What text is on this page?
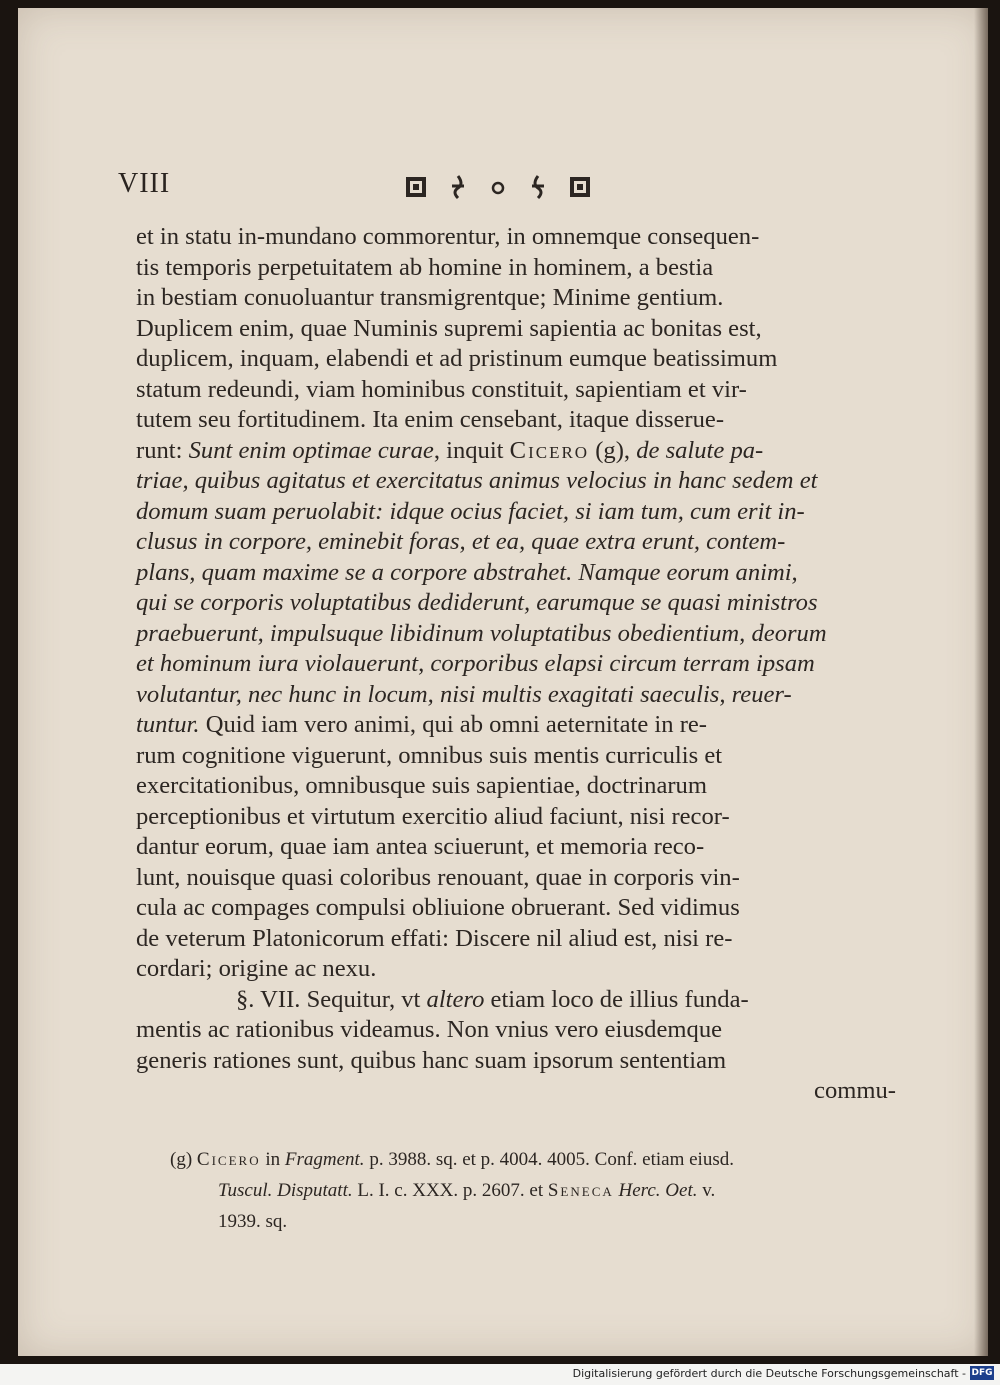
VIII
et in statu in-mundano commorentur, in omnemque consequen-
tis temporis perpetuitatem ab homine in hominem, a bestia
in bestiam conuoluantur transmigrentque; Minime gentium.
Duplicem enim, quae Numinis supremi sapientia ac bonitas est,
duplicem, inquam, elabendi et ad pristinum eumque beatissimum
statum redeundi, viam hominibus constituit, sapientiam et vir-
tutem seu fortitudinem. Ita enim censebant, itaque disserue-
runt: Sunt enim optimae curae, inquit Cicero (g), de salute pa-
triae, quibus agitatus et exercitatus animus velocius in hanc sedem et
domum suam peruolabit: idque ocius faciet, si iam tum, cum erit in-
clusus in corpore, eminebit foras, et ea, quae extra erunt, contem-
plans, quam maxime se a corpore abstrahet. Namque eorum animi,
qui se corporis voluptatibus dediderunt, earumque se quasi ministros
praebuerunt, impulsuque libidinum voluptatibus obedientium, deorum
et hominum iura violauerunt, corporibus elapsi circum terram ipsam
volutantur, nec hunc in locum, nisi multis exagitati saeculis, reuer-
tuntur. Quid iam vero animi, qui ab omni aeternitate in re-
rum cognitione viguerunt, omnibus suis mentis curriculis et
exercitationibus, omnibusque suis sapientiae, doctrinarum
perceptionibus et virtutum exercitio aliud faciunt, nisi recor-
dantur eorum, quae iam antea sciuerunt, et memoria reco-
lunt, nouisque quasi coloribus renouant, quae in corporis vin-
cula ac compages compulsi obliuione obruerant. Sed vidimus
de veterum Platonicorum effati: Discere nil aliud est, nisi re-
cordari; origine ac nexu.
§. VII. Sequitur, vt altero etiam loco de illius funda-
mentis ac rationibus videamus. Non vnius vero eiusdemque
generis rationes sunt, quibus hanc suam ipsorum sententiam
commu-
(g) Cicero in Fragment. p. 3988. sq. et p. 4004. 4005. Conf. etiam eiusd.
Tuscul. Disputatt. L. I. c. XXX. p. 2607. et Seneca Herc. Oet. v.
1939. sq.
Digitalisierung gefördert durch die Deutsche Forschungsgemeinschaft - DFG
